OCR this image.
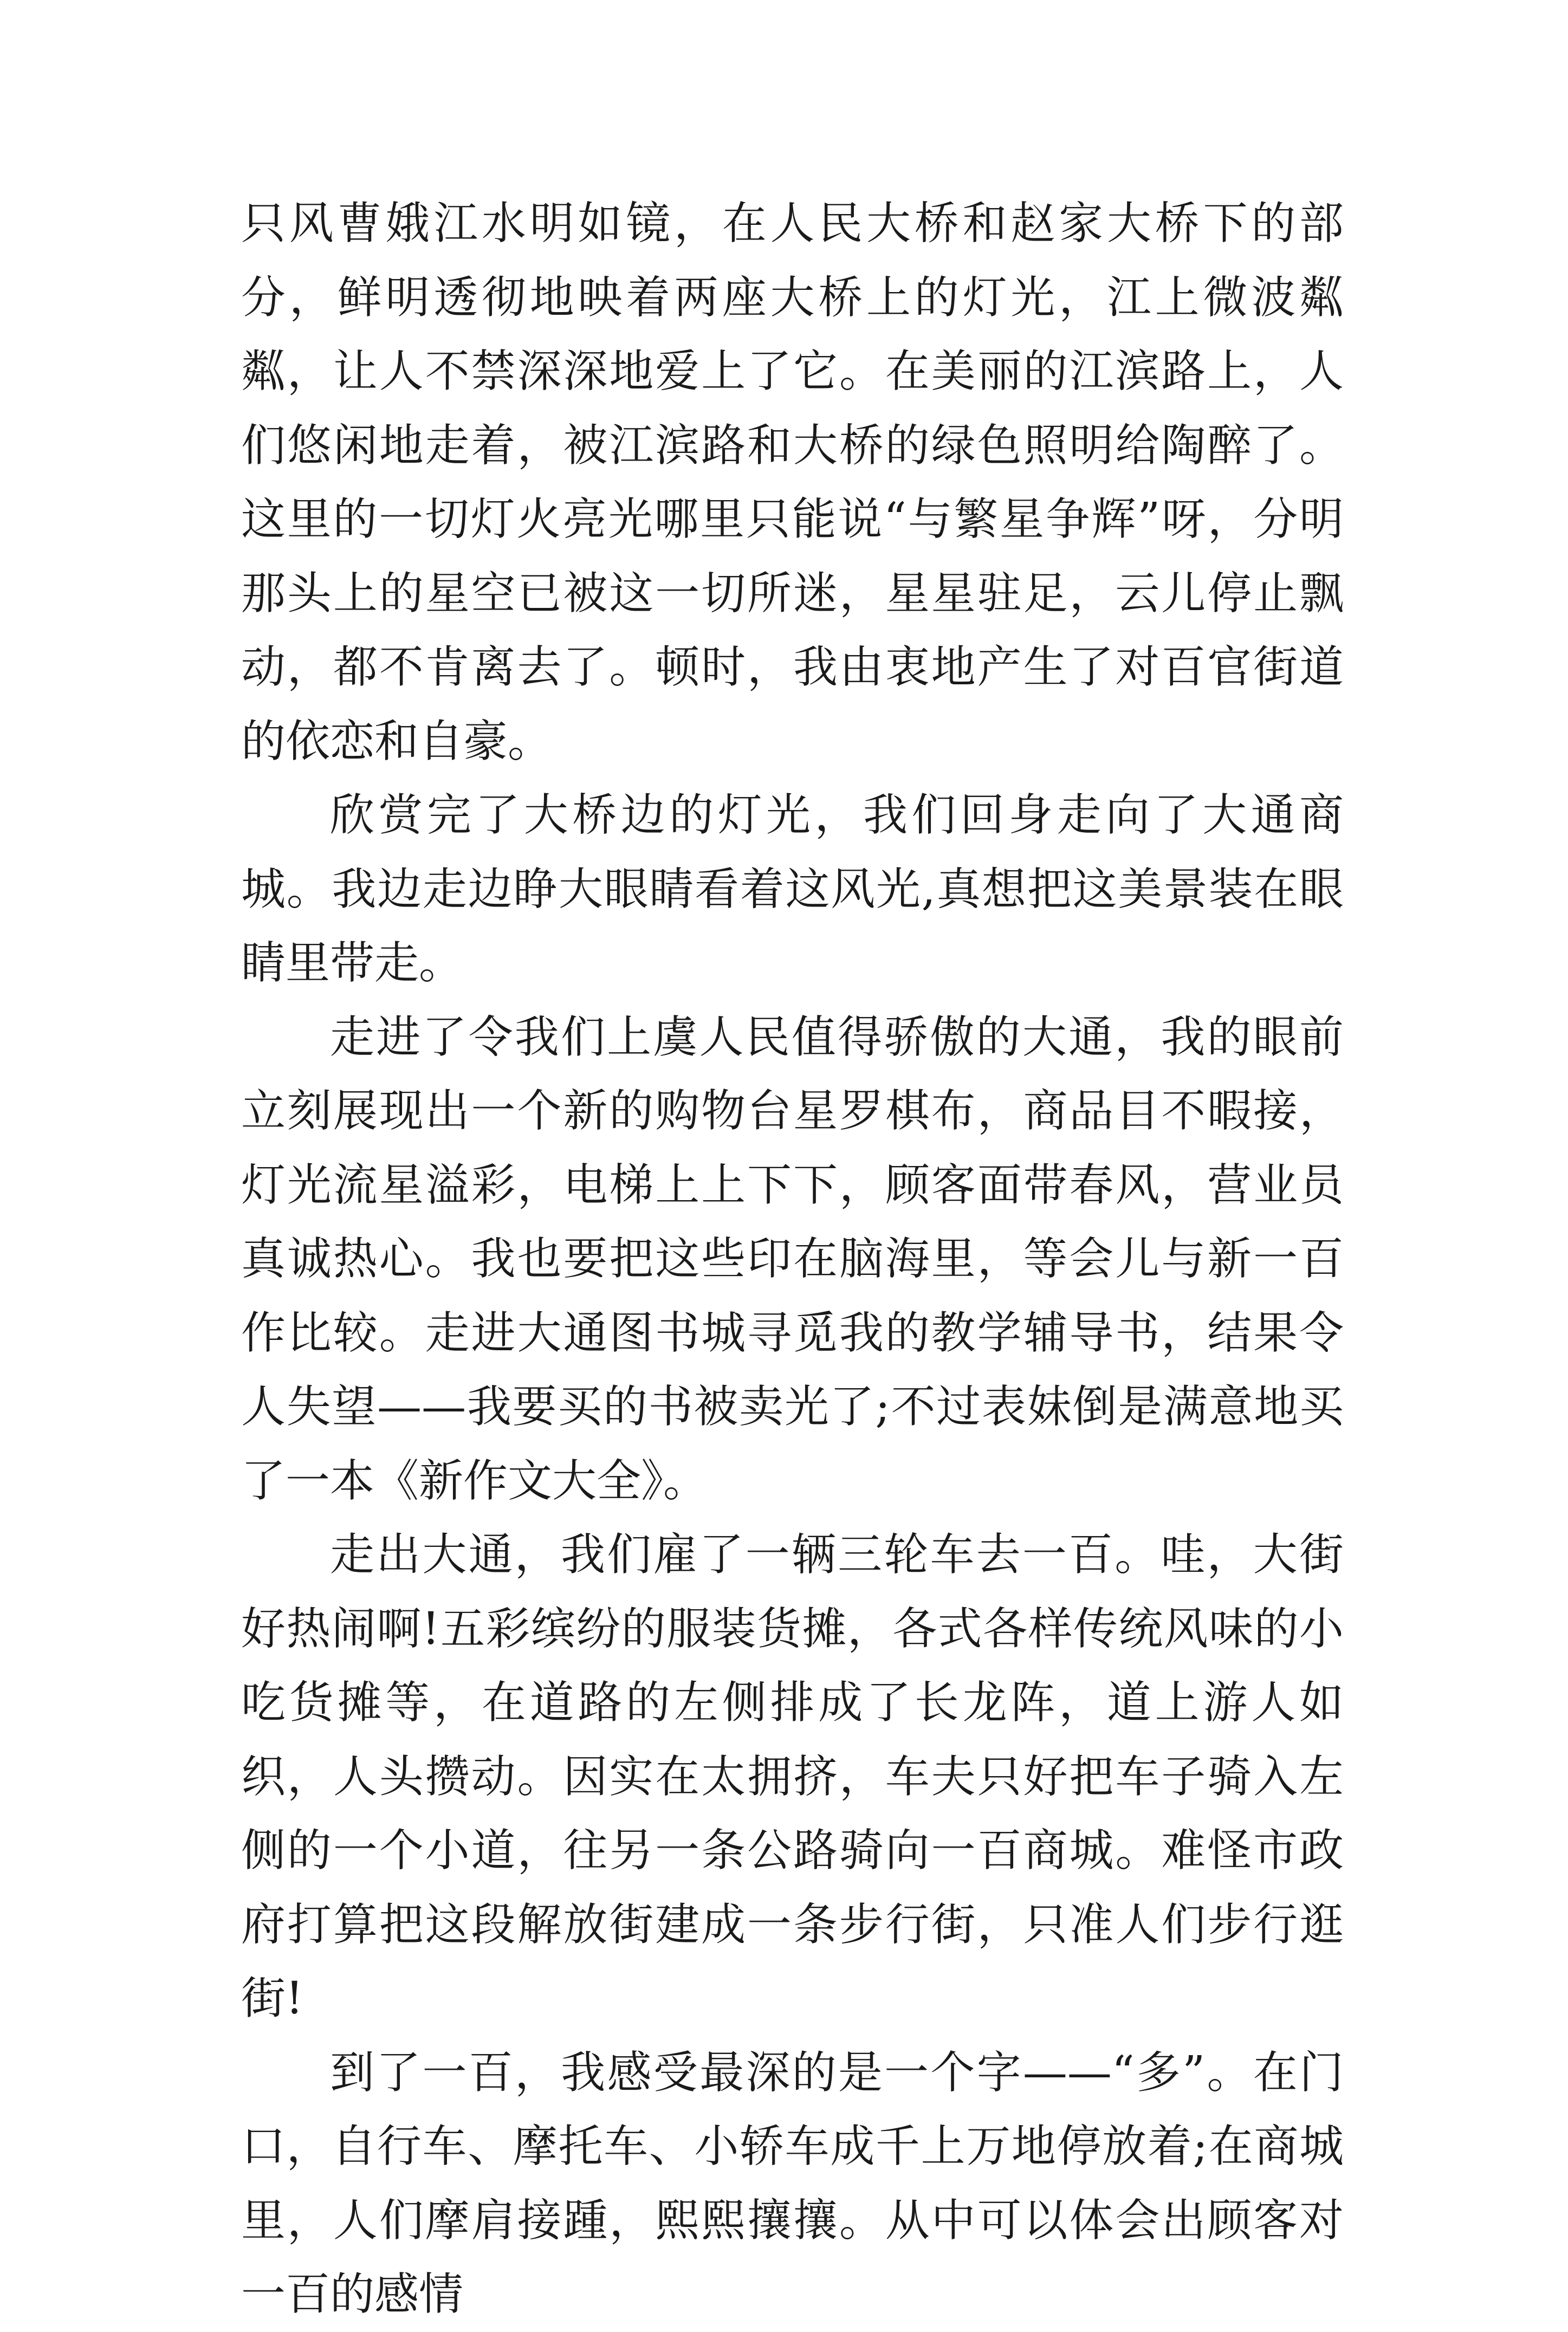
只风曹娥江水明如镜，在人民大桥和赵家大桥下的部分，鲜明透彻地映着两座大桥上的灯光，江上微波粼粼，让人不禁深深地爱上了它。在美丽的江滨路上，人们悠闲地走着，被江滨路和大桥的绿色照明给陶醉了。这里的一切灯火亮光哪里只能说“与繁星争辉”呀，分明那头上的星空已被这一切所迷，星星驻足，云儿停止飘动，都不肯离去了。顿时，我由衷地产生了对百官街道的依恋和自豪。

欣赏完了大桥边的灯光，我们回身走向了大通商城。我边走边睁大眼睛看着这风光,真想把这美景装在眼睛里带走。

走进了令我们上虞人民值得骄傲的大通，我的眼前立刻展现出一个新的购物台星罗棋布，商品目不暇接，灯光流星溢彩，电梯上上下下，顾客面带春风，营业员真诚热心。我也要把这些印在脑海里，等会儿与新一百作比较。走进大通图书城寻觅我的教学辅导书，结果令人失望——我要买的书被卖光了;不过表妹倒是满意地买了一本《新作文大全》。

走出大通，我们雇了一辆三轮车去一百。哇，大街好热闹啊!五彩缤纷的服装货摊，各式各样传统风味的小吃货摊等，在道路的左侧排成了长龙阵，道上游人如织，人头攒动。因实在太拥挤，车夫只好把车子骑入左侧的一个小道，往另一条公路骑向一百商城。难怪市政府打算把这段解放街建成一条步行街，只准人们步行逛街!

到了一百，我感受最深的是一个字——“多”。在门口，自行车、摩托车、小轿车成千上万地停放着;在商城里，人们摩肩接踵，熙熙攘攘。从中可以体会出顾客对一百的感情
